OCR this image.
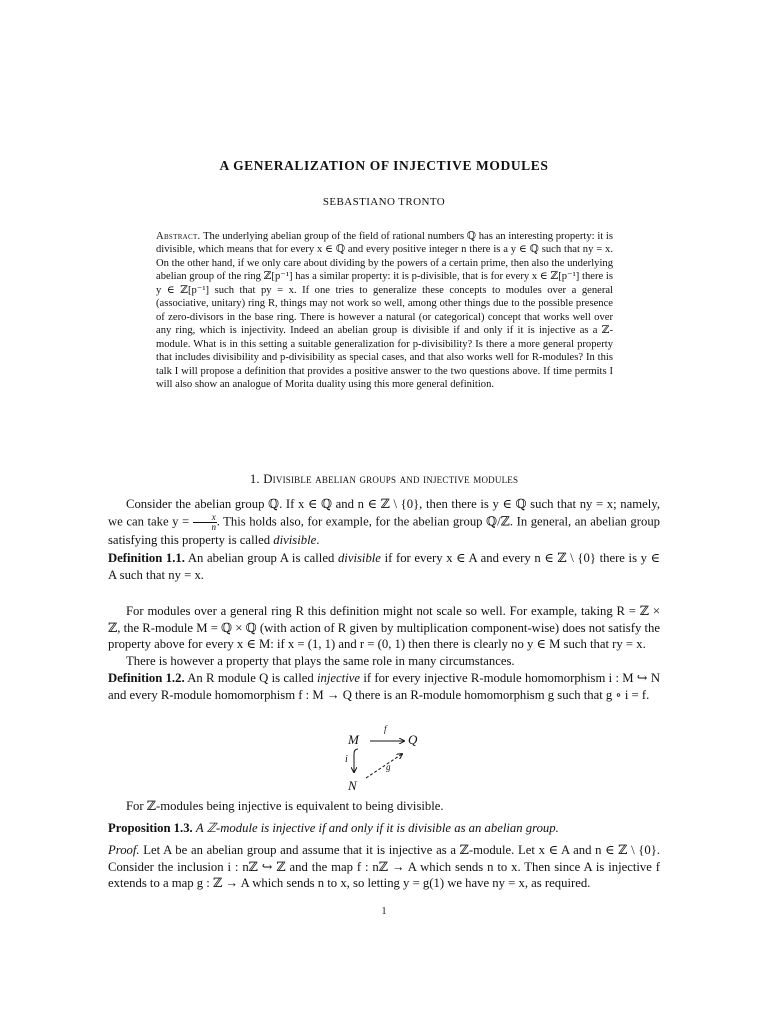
A GENERALIZATION OF INJECTIVE MODULES
SEBASTIANO TRONTO
Abstract. The underlying abelian group of the field of rational numbers ℚ has an interesting property: it is divisible, which means that for every x ∈ ℚ and every positive integer n there is a y ∈ ℚ such that ny = x. On the other hand, if we only care about dividing by the powers of a certain prime, then also the underlying abelian group of the ring ℤ[p⁻¹] has a similar property: it is p-divisible, that is for every x ∈ ℤ[p⁻¹] there is y ∈ ℤ[p⁻¹] such that py = x. If one tries to generalize these concepts to modules over a general (associative, unitary) ring R, things may not work so well, among other things due to the possible presence of zero-divisors in the base ring. There is however a natural (or categorical) concept that works well over any ring, which is injectivity. Indeed an abelian group is divisible if and only if it is injective as a ℤ-module. What is in this setting a suitable generalization for p-divisibility? Is there a more general property that includes divisibility and p-divisibility as special cases, and that also works well for R-modules? In this talk I will propose a definition that provides a positive answer to the two questions above. If time permits I will also show an analogue of Morita duality using this more general definition.
1. Divisible abelian groups and injective modules

Consider the abelian group ℚ. If x ∈ ℚ and n ∈ ℤ \ {0}, then there is y ∈ ℚ such that ny = x; namely, we can take $y = \frac{x}{n}$ . This holds also, for example, for the abelian group ℚ/ℤ. In general, an abelian group satisfying this property is called divisible.

Definition 1.1. An abelian group A is called divisible if for every x ∈ A and every n ∈ ℤ \ {0} there is y ∈ A such that ny = x.

For modules over a general ring R this definition might not scale so well. For example, taking R = ℤ × ℤ, the R-module M = ℚ × ℚ (with action of R given by multiplication component-wise) does not satisfy the property above for every x ∈ M: if x = (1, 1) and r = (0, 1) then there is clearly no y ∈ M such that ry = x.

There is however a property that plays the same role in many circumstances.

Definition 1.2. An R module Q is called injective if for every injective R-module homomorphism i : M ↪ N and every R-module homomorphism f : M → Q there is an R-module homomorphism g such that g ∘ i = f.

M	Q
N
f
i
g

For ℤ-modules being injective is equivalent to being divisible.

Proposition 1.3. A ℤ-module is injective if and only if it is divisible as an abelian group.

Proof. Let A be an abelian group and assume that it is injective as a ℤ-module. Let x ∈ A and n ∈ ℤ \ {0}. Consider the inclusion i : nℤ ↪ ℤ and the map f : nℤ → A which sends n to x. Then since A is injective f extends to a map g : ℤ → A which sends n to x, so letting y = g(1) we have ny = x, as required.

1
